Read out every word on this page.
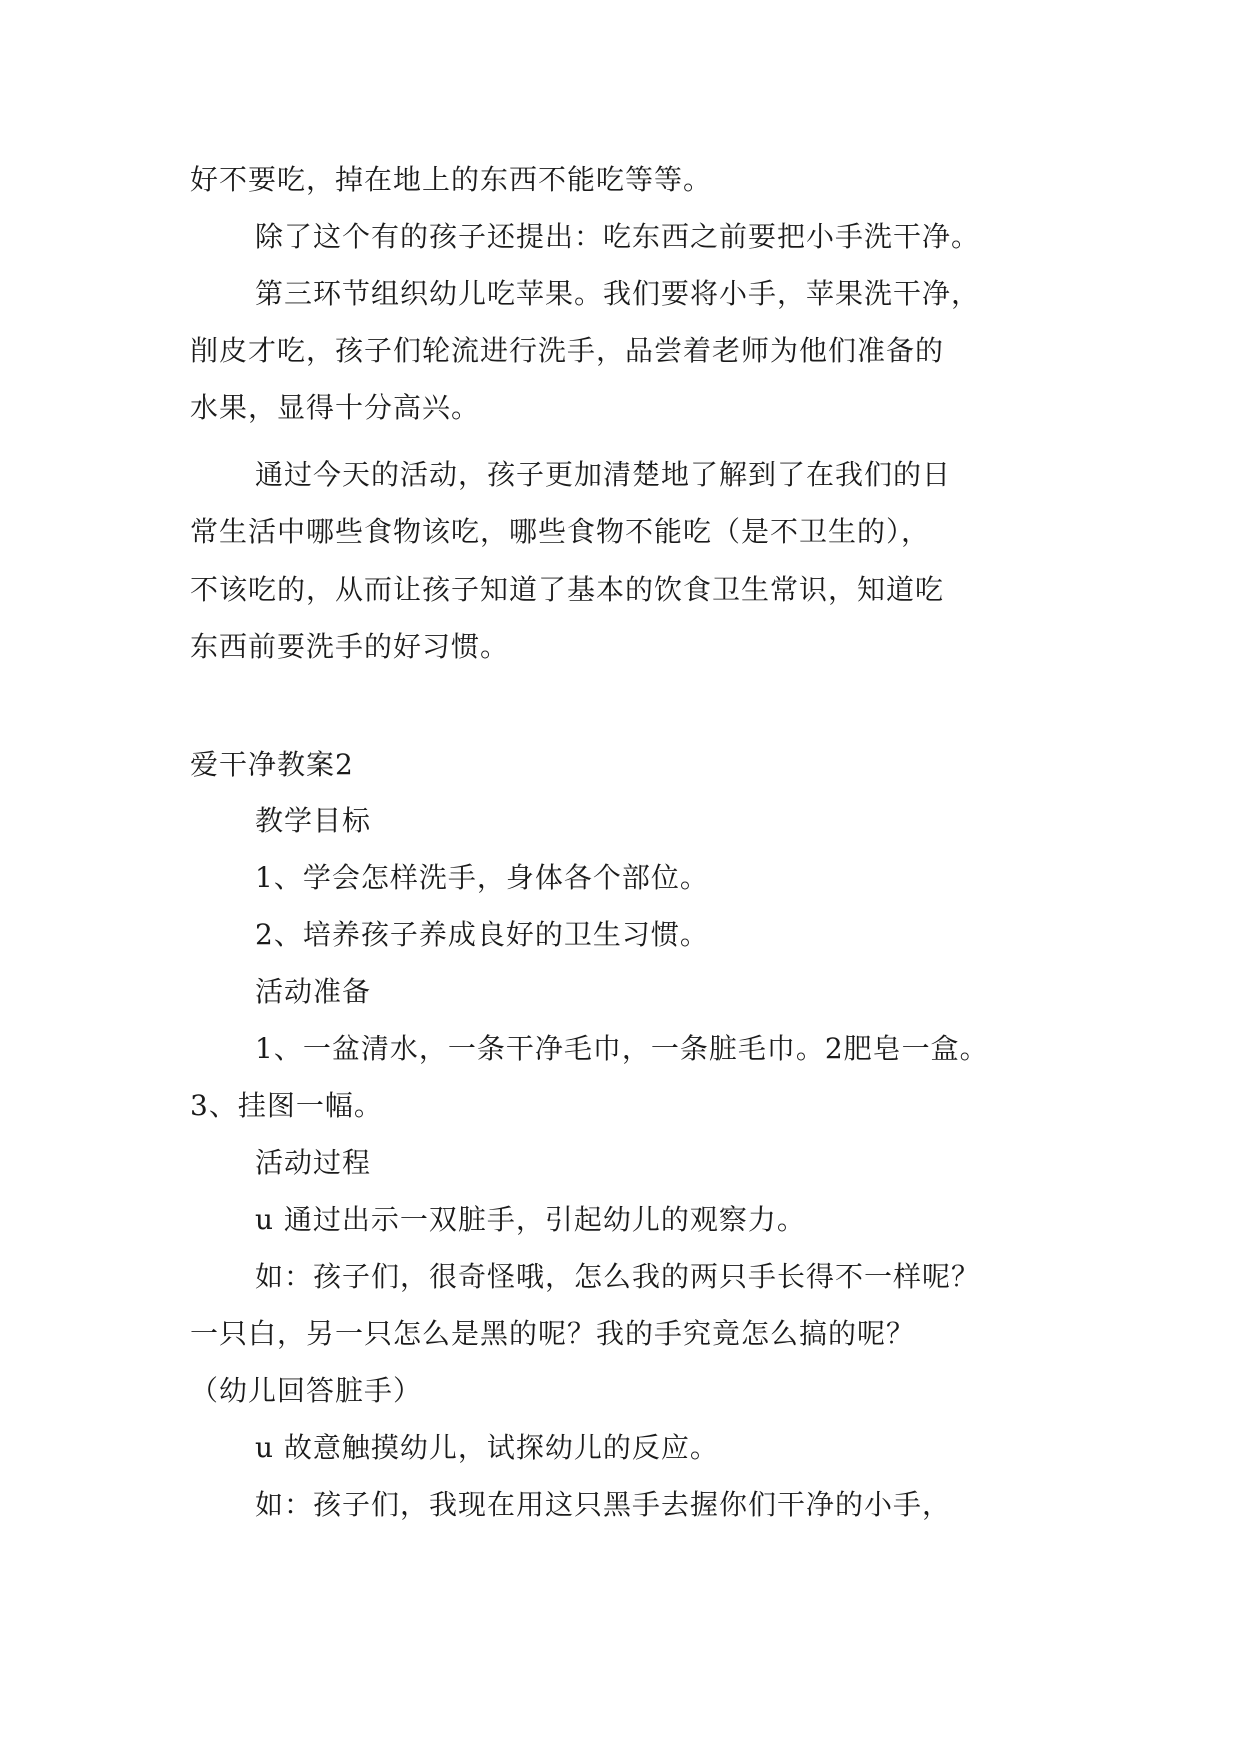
好不要吃，掉在地上的东西不能吃等等。
除了这个有的孩子还提出：吃东西之前要把小手洗干净。
第三环节组织幼儿吃苹果。我们要将小手，苹果洗干净，
削皮才吃，孩子们轮流进行洗手，品尝着老师为他们准备的
水果，显得十分高兴。
通过今天的活动，孩子更加清楚地了解到了在我们的日
常生活中哪些食物该吃，哪些食物不能吃（是不卫生的），
不该吃的，从而让孩子知道了基本的饮食卫生常识，知道吃
东西前要洗手的好习惯。
爱干净教案2
教学目标
1、学会怎样洗手，身体各个部位。
2、培养孩子养成良好的卫生习惯。
活动准备
1、一盆清水，一条干净毛巾，一条脏毛巾。2肥皂一盒。
3、挂图一幅。
活动过程
u 通过出示一双脏手，引起幼儿的观察力。
如：孩子们，很奇怪哦，怎么我的两只手长得不一样呢？
一只白，另一只怎么是黑的呢？我的手究竟怎么搞的呢？
（幼儿回答脏手）
u 故意触摸幼儿，试探幼儿的反应。
如：孩子们，我现在用这只黑手去握你们干净的小手，
